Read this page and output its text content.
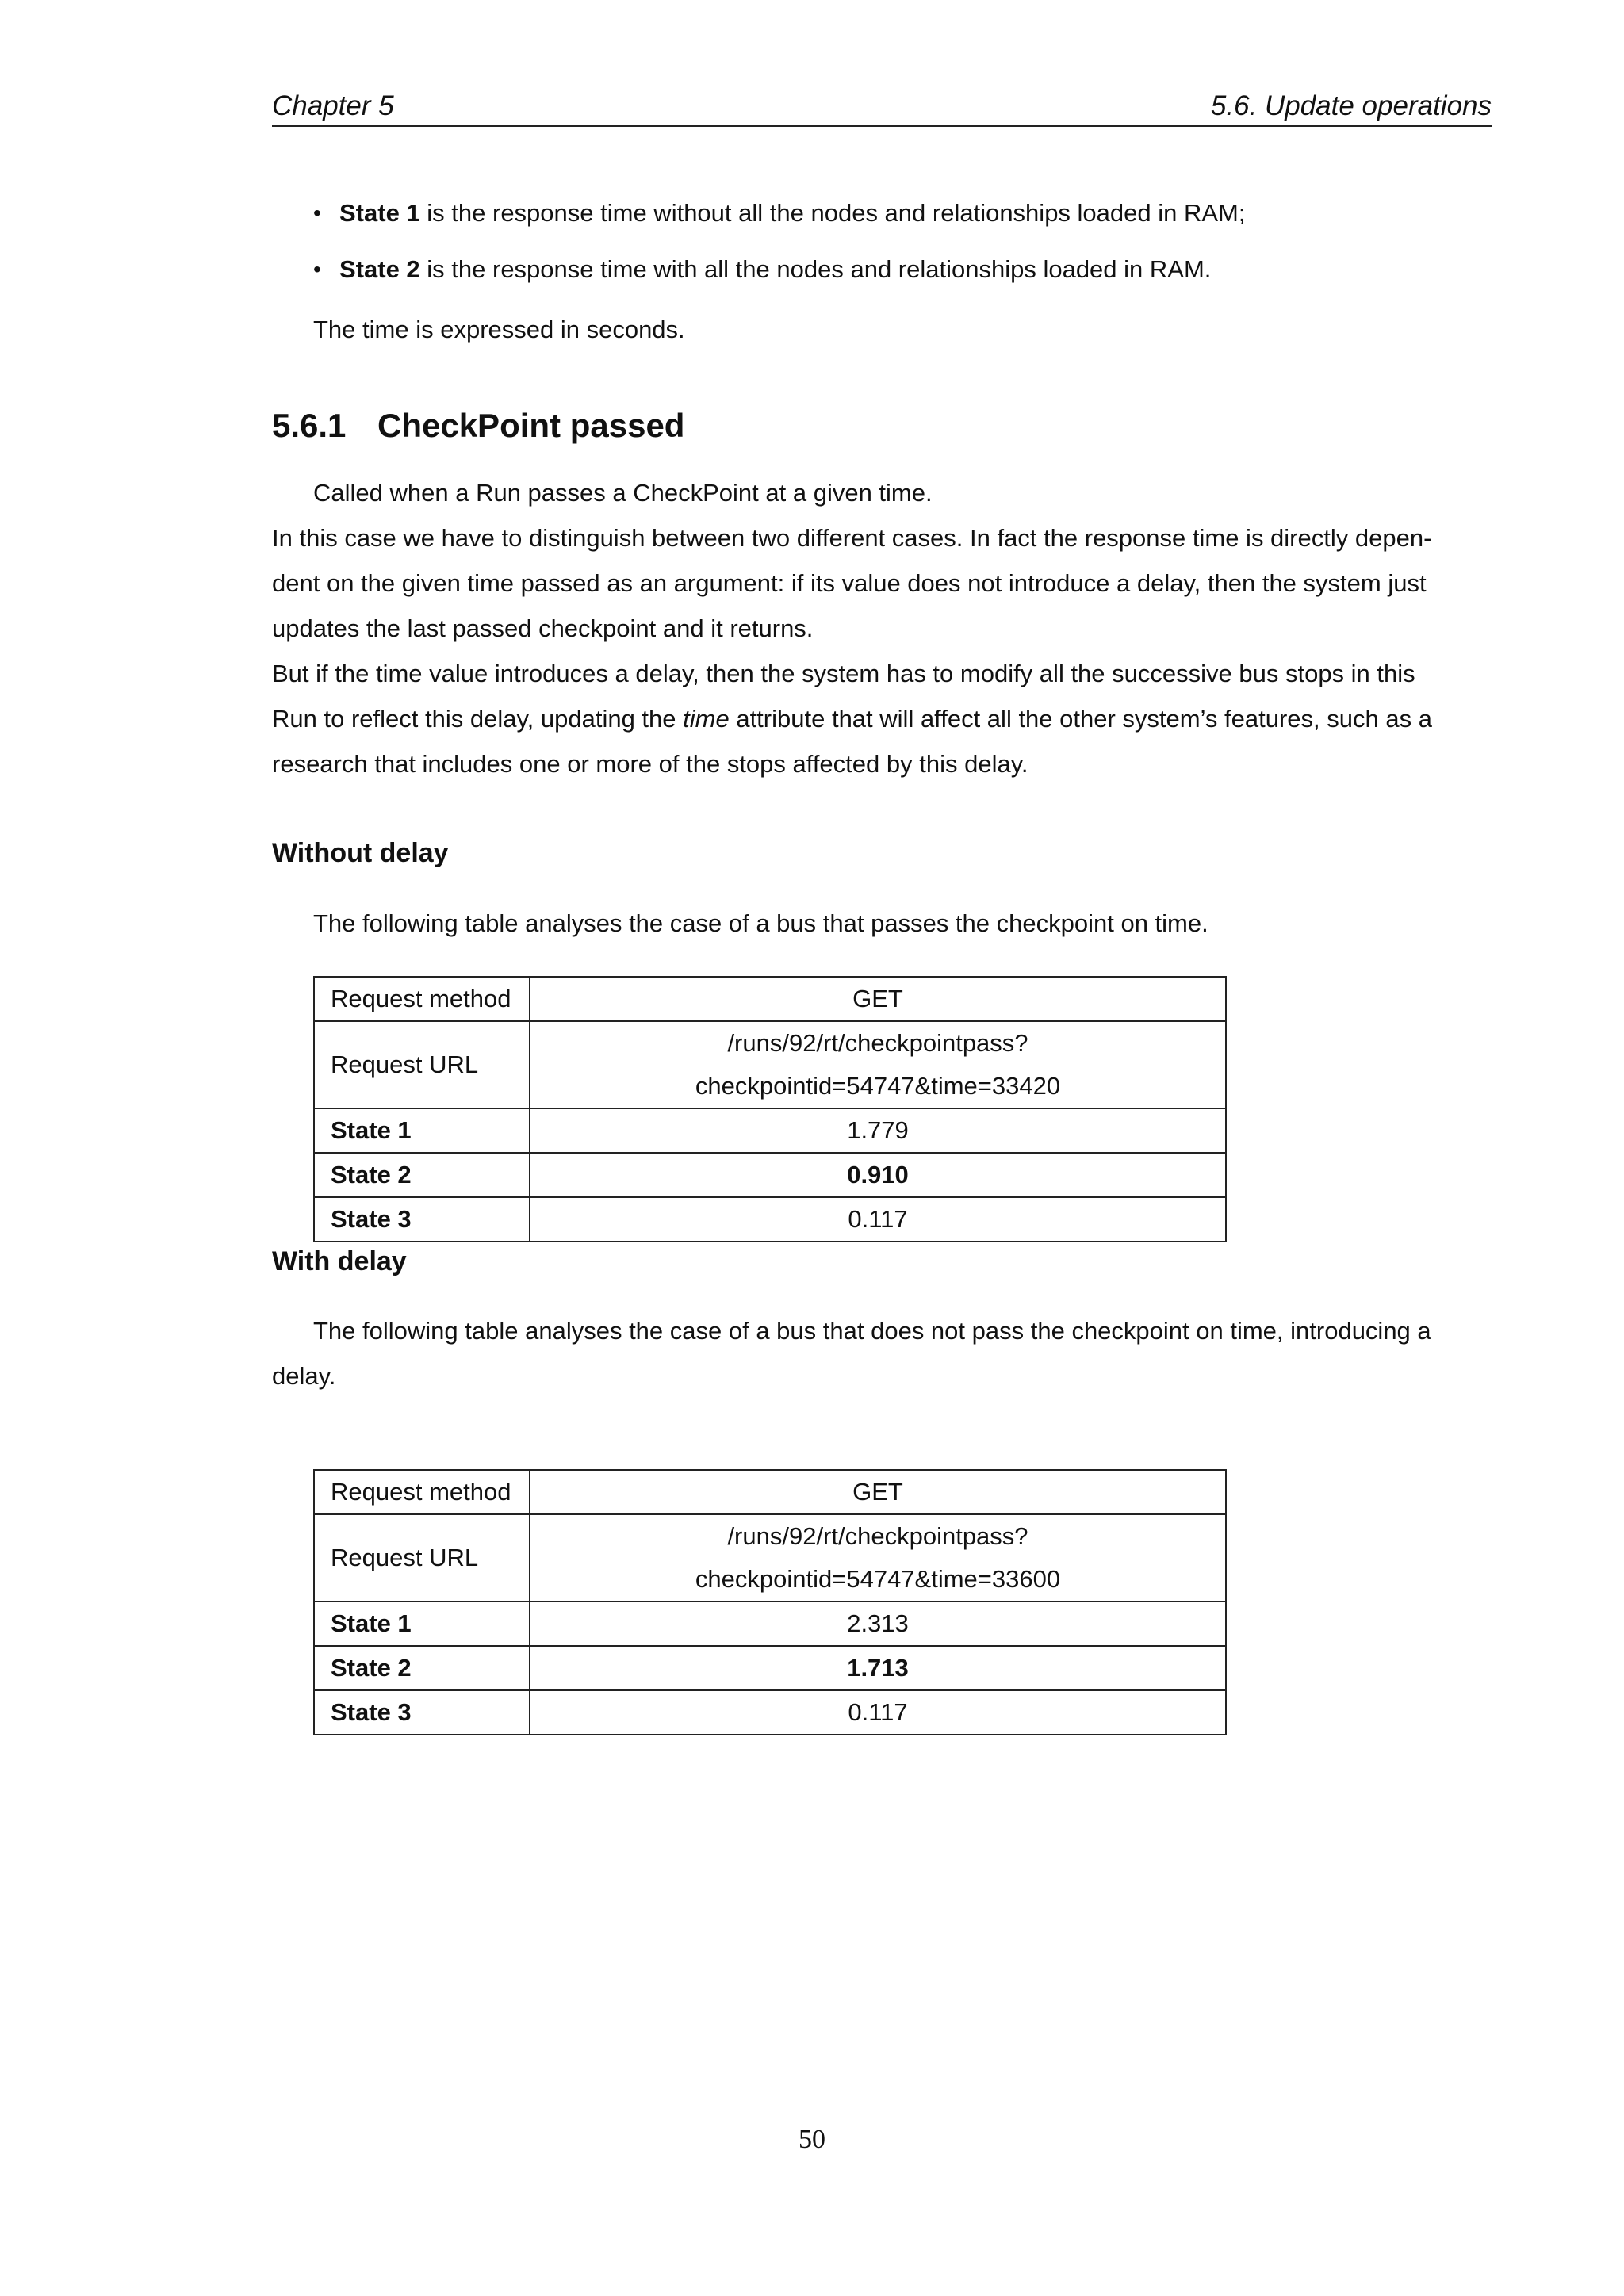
Chapter 5	5.6. Update operations
• State 1 is the response time without all the nodes and relationships loaded in RAM;
• State 2 is the response time with all the nodes and relationships loaded in RAM.
The time is expressed in seconds.
5.6.1 CheckPoint passed
Called when a Run passes a CheckPoint at a given time.
In this case we have to distinguish between two different cases. In fact the response time is directly depen-
dent on the given time passed as an argument: if its value does not introduce a delay, then the system just
updates the last passed checkpoint and it returns.
But if the time value introduces a delay, then the system has to modify all the successive bus stops in this
Run to reflect this delay, updating the time attribute that will affect all the other system’s features, such as a
research that includes one or more of the stops affected by this delay.
Without delay
The following table analyses the case of a bus that passes the checkpoint on time.
Request method	GET
Request URL	/runs/92/rt/checkpointpass?checkpointid=54747&time=33420
State 1	1.779
State 2	0.910
State 3	0.117
With delay
The following table analyses the case of a bus that does not pass the checkpoint on time, introducing a
delay.
Request method	GET
Request URL	/runs/92/rt/checkpointpass?checkpointid=54747&time=33600
State 1	2.313
State 2	1.713
State 3	0.117
50
